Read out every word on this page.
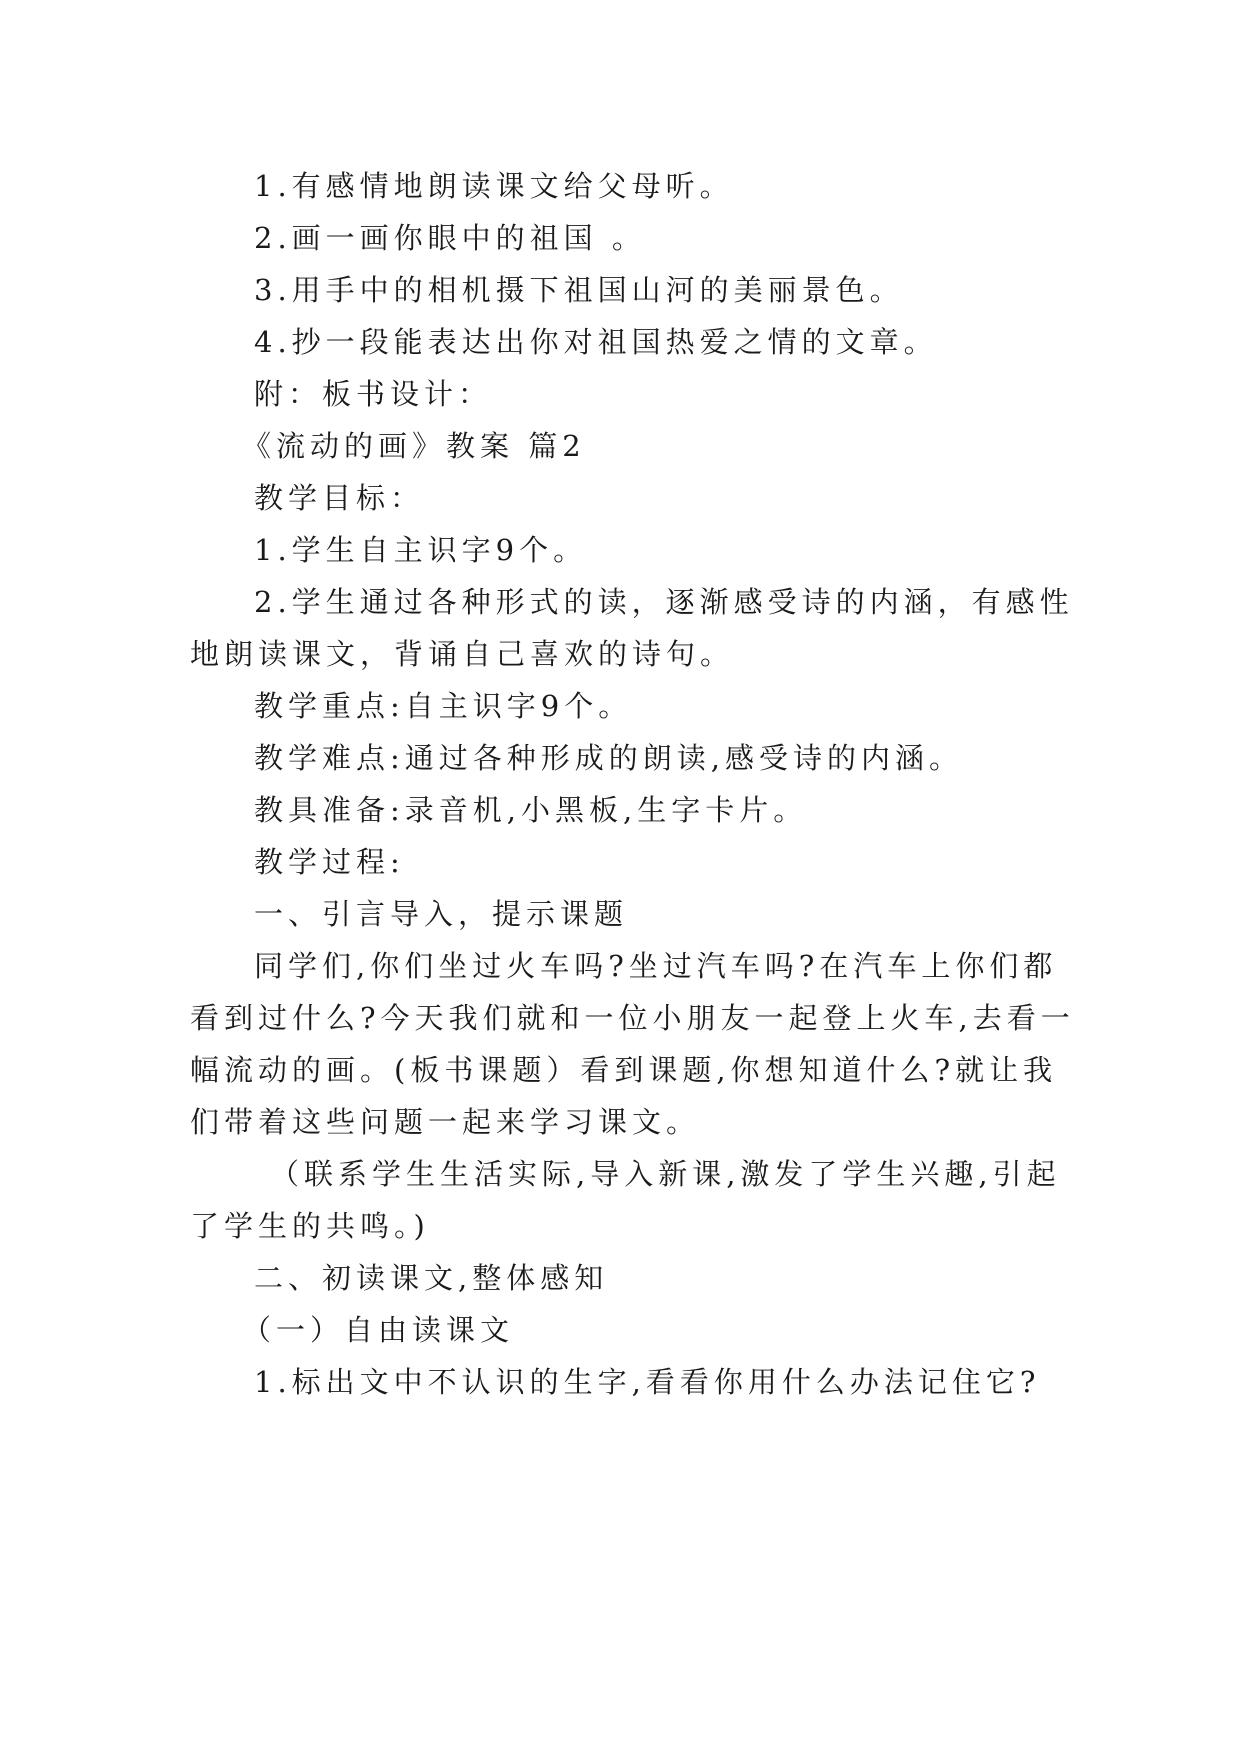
1.有感情地朗读课文给父母听。
2.画一画你眼中的祖国 。
3.用手中的相机摄下祖国山河的美丽景色。
4.抄一段能表达出你对祖国热爱之情的文章。
附：板书设计：
《流动的画》教案 篇2
教学目标：
1.学生自主识字9个。
2.学生通过各种形式的读，逐渐感受诗的内涵，有感性
地朗读课文，背诵自己喜欢的诗句。
教学重点:自主识字9个。
教学难点:通过各种形成的朗读,感受诗的内涵。
教具准备:录音机,小黑板,生字卡片。
教学过程:
一、引言导入，提示课题
同学们,你们坐过火车吗?坐过汽车吗?在汽车上你们都
看到过什么?今天我们就和一位小朋友一起登上火车,去看一
幅流动的画。(板书课题）看到课题,你想知道什么?就让我
们带着这些问题一起来学习课文。
（联系学生生活实际,导入新课,激发了学生兴趣,引起
了学生的共鸣。)
二、初读课文,整体感知
（一）自由读课文
1.标出文中不认识的生字,看看你用什么办法记住它?
